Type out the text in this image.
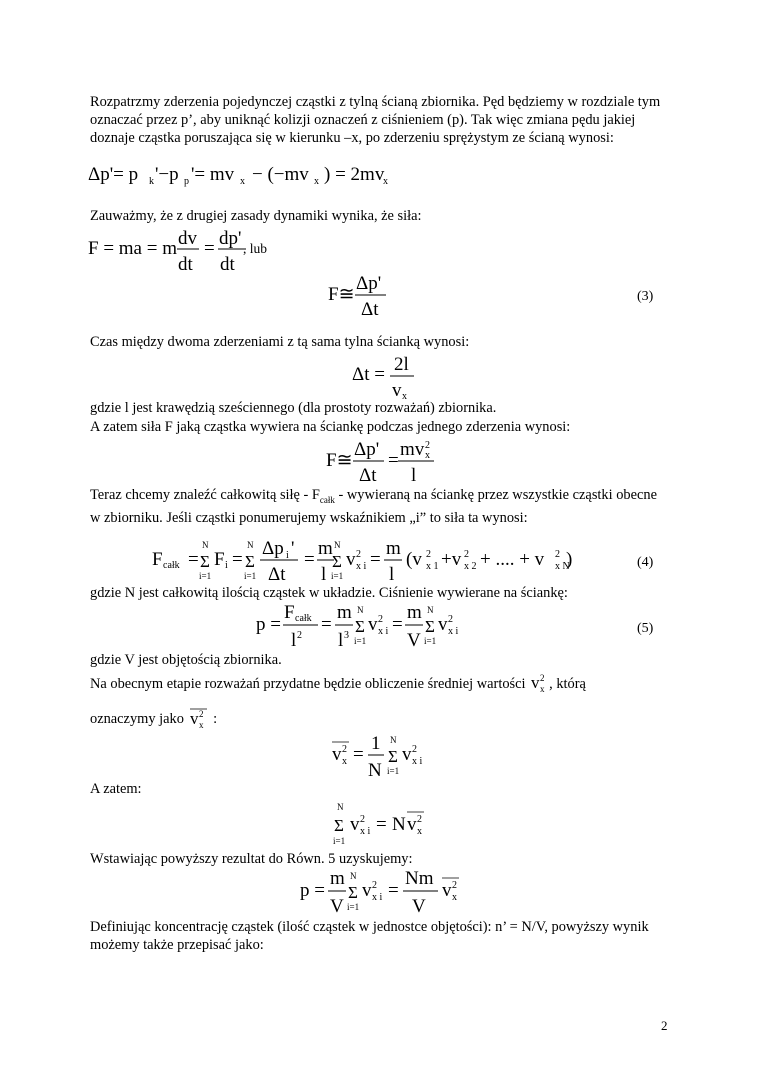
Rozpatrzmy zderzenia pojedynczej cząstki z tylną ścianą zbiornika. Pęd będziemy w rozdziale tym oznaczać przez p’, aby uniknąć kolizji oznaczeń z ciśnieniem (p). Tak więc zmiana pędu jakiej doznaje cząstka poruszająca się w kierunku –x, po zderzeniu sprężystym ze ścianą wynosi:
Δp'= p k '−p p '= mv x − (−mv x ) = 2mv
x
Zauważmy, że z drugiej zasady dynamiki wynika, że siła:
F = ma = m dv
dt
= dp'
dt
, lub
F≅
Δp'
Δt
(3)
Czas między dwoma zderzeniami z tą sama tylna ścianką wynosi:
Δt = 2l
v x
gdzie l jest krawędzią sześciennego (dla prostoty rozważań) zbiornika.
A zatem siła F jaką cząstka wywiera na ściankę podczas jednego zderzenia wynosi:
F≅
Δp'
Δt
=
mv 2
x
l
Teraz chcemy znaleźć całkowitą siłę - $F_{całk}$ - wywieraną na ściankę przez wszystkie cząstki obecne w zbiorniku. Jeśli cząstki ponumerujemy wskaźnikiem „i” to siła ta wynosi:
F całk =
N
Σ
i=1
F i =
N
Σ
i=1
Δp i '
Δt
=
m
l
N
Σ
i=1
v 2
x i =
m
l
(v 2
x 1 +v 2
x 2 + .... + v 2
x N
)	(4)
gdzie N jest całkowitą ilością cząstek w układzie. Ciśnienie wywierane na ściankę:
p =
F całk
l 2
=
m
l 3
N
Σ
i=1
v 2
x i =
m
V
N
Σ
i=1
v 2
x i	(5)
gdzie V jest objętością zbiornika.
Na obecnym etapie rozważań przydatne będzie obliczenie średniej wartości v 2
x , którą
oznaczymy jako v 2
x :
v 2
x =
1
N
N
Σ
i=1
v 2
x i
A zatem:
N
Σ
i=1
v 2
x i = N v 2
x
Wstawiając powyższy rezultat do Równ. 5 uzyskujemy:
p =
m
V
N
Σ
i=1
v 2
x i =
Nm
V
v 2
x
Definiując koncentrację cząstek (ilość cząstek w jednostce objętości): n’ = N/V, powyższy wynik możemy także przepisać jako:
2
